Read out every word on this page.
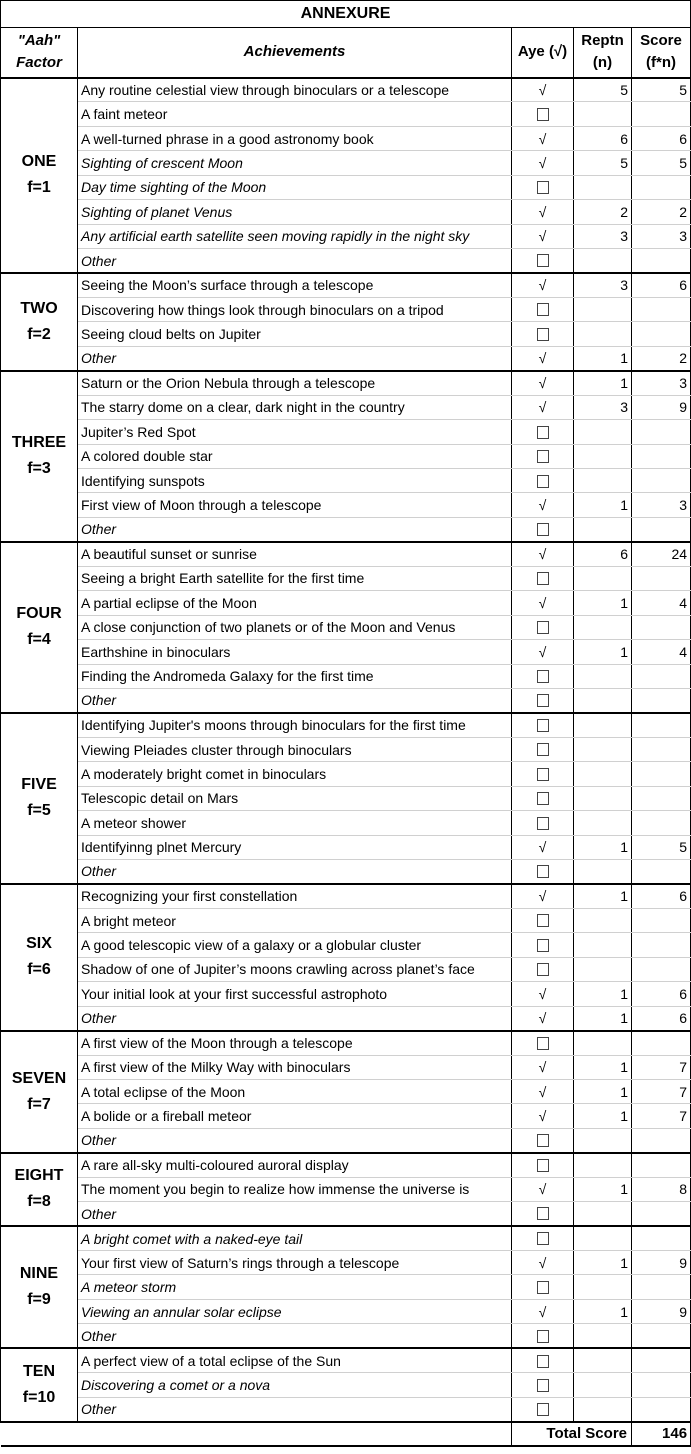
ANNEXURE				
"Aah" Factor	Achievements	Aye (√)	Reptn (n)	Score (f*n)

ONE
f=1	Any routine celestial view through binoculars or a telescope	√	5	5
	A faint meteor			
	A well-turned phrase in a good astronomy book	√	6	6
	Sighting of crescent Moon	√	5	5
	Day time sighting of the Moon			
	Sighting of planet Venus	√	2	2
	Any artificial earth satellite seen moving rapidly in the night sky	√	3	3
	Other			

TWO
f=2	Seeing the Moon’s surface through a telescope	√	3	6
	Discovering how things look through binoculars on a tripod			
	Seeing cloud belts on Jupiter			
	Other	√	1	2

THREE
f=3	Saturn or the Orion Nebula through a telescope	√	1	3
	The starry dome on a clear, dark night in the country	√	3	9
	Jupiter’s Red Spot			
	A colored double star			
	Identifying sunspots			
	First view of Moon through a telescope	√	1	3
	Other			

FOUR
f=4	A beautiful sunset or sunrise	√	6	24
	Seeing a bright Earth satellite for the first time			
	A partial eclipse of the Moon	√	1	4
	A close conjunction of two planets or of the Moon and Venus			
	Earthshine in binoculars	√	1	4
	Finding the Andromeda Galaxy for the first time			
	Other			

FIVE
f=5	Identifying Jupiter's moons through binoculars for the first time			
	Viewing Pleiades cluster through binoculars			
	A moderately bright comet in binoculars			
	Telescopic detail on Mars			
	A meteor shower			
	Identifyinng plnet Mercury	√	1	5
	Other			

SIX
f=6	Recognizing your first constellation	√	1	6
	A bright meteor			
	A good telescopic view of a galaxy or a globular cluster			
	Shadow of one of Jupiter’s moons crawling across planet’s face			
	Your initial look at your first successful astrophoto	√	1	6
	Other	√	1	6

SEVEN
f=7	A first view of the Moon through a telescope			
	A first view of the Milky Way with binoculars	√	1	7
	A total eclipse of the Moon	√	1	7
	A bolide or a fireball meteor	√	1	7
	Other			

EIGHT
f=8	A rare all-sky multi-coloured auroral display			
	The moment you begin to realize how immense the universe is	√	1	8
	Other			

NINE
f=9	A bright comet with a naked-eye tail			
	Your first view of Saturn’s rings through a telescope	√	1	9
	A meteor storm			
	Viewing an annular solar eclipse	√	1	9
	Other			

TEN
f=10	A perfect view of a total eclipse of the Sun			
	Discovering a comet or a nova			
	Other			
		Total Score		146
